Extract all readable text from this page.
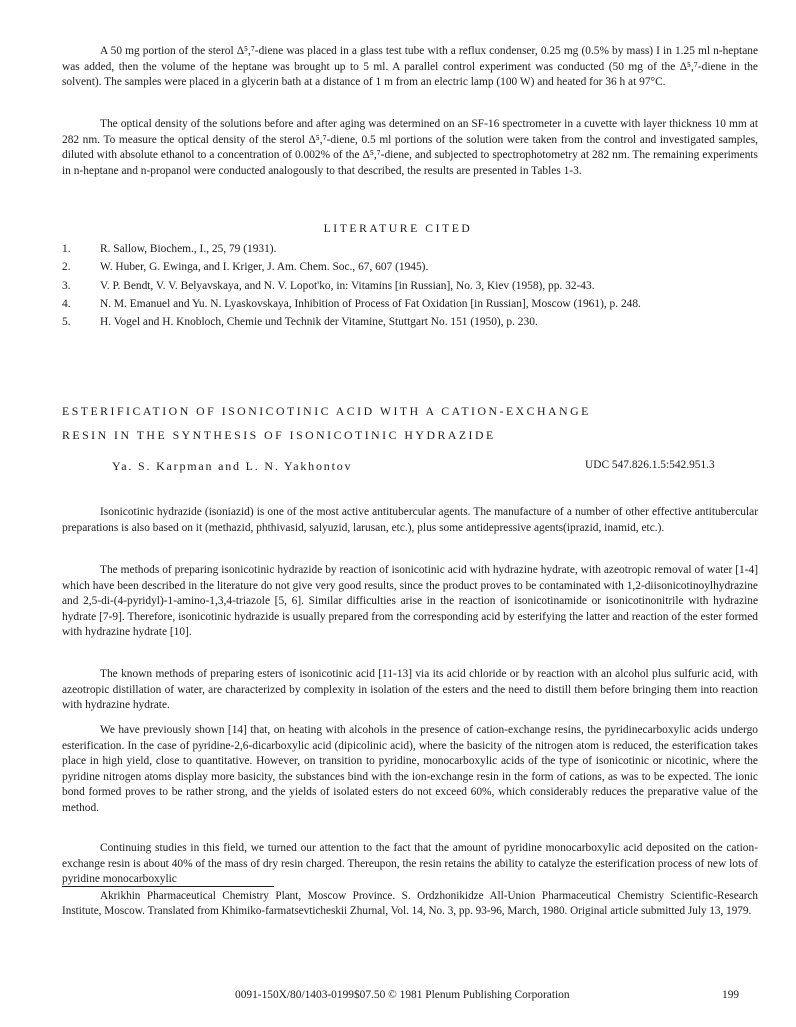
A 50 mg portion of the sterol Δ⁵,⁷-diene was placed in a glass test tube with a reflux condenser, 0.25 mg (0.5% by mass) I in 1.25 ml n-heptane was added, then the volume of the heptane was brought up to 5 ml. A parallel control experiment was conducted (50 mg of the Δ⁵,⁷-diene in the solvent). The samples were placed in a glycerin bath at a distance of 1 m from an electric lamp (100 W) and heated for 36 h at 97°C.

The optical density of the solutions before and after aging was determined on an SF-16 spectrometer in a cuvette with layer thickness 10 mm at 282 nm. To measure the optical density of the sterol Δ⁵,⁷-diene, 0.5 ml portions of the solution were taken from the control and investigated samples, diluted with absolute ethanol to a concentration of 0.002% of the Δ⁵,⁷-diene, and subjected to spectrophotometry at 282 nm. The remaining experiments in n-heptane and n-propanol were conducted analogously to that described, the results are presented in Tables 1-3.

LITERATURE CITED

1.	R. Sallow, Biochem., I., 25, 79 (1931).
2.	W. Huber, G. Ewinga, and I. Kriger, J. Am. Chem. Soc., 67, 607 (1945).
3.	V. P. Bendt, V. V. Belyavskaya, and N. V. Lopot'ko, in: Vitamins [in Russian], No. 3, Kiev (1958), pp. 32-43.
4.	N. M. Emanuel and Yu. N. Lyaskovskaya, Inhibition of Process of Fat Oxidation [in Russian], Moscow (1961), p. 248.
5.	H. Vogel and H. Knobloch, Chemie und Technik der Vitamine, Stuttgart No. 151 (1950), p. 230.

ESTERIFICATION OF ISONICOTINIC ACID WITH A CATION-EXCHANGE

RESIN IN THE SYNTHESIS OF ISONICOTINIC HYDRAZIDE

Ya. S. Karpman and L. N. Yakhontov	UDC 547.826.1.5:542.951.3

Isonicotinic hydrazide (isoniazid) is one of the most active antitubercular agents. The manufacture of a number of other effective antitubercular preparations is also based on it (methazid, phthivasid, salyuzid, larusan, etc.), plus some antidepressive agents(iprazid, inamid, etc.).

The methods of preparing isonicotinic hydrazide by reaction of isonicotinic acid with hydrazine hydrate, with azeotropic removal of water [1-4] which have been described in the literature do not give very good results, since the product proves to be contaminated with 1,2-diisonicotinoylhydrazine and 2,5-di-(4-pyridyl)-1-amino-1,3,4-triazole [5, 6]. Similar difficulties arise in the reaction of isonicotinamide or isonicotinonitrile with hydrazine hydrate [7-9]. Therefore, isonicotinic hydrazide is usually prepared from the corresponding acid by esterifying the latter and reaction of the ester formed with hydrazine hydrate [10].

The known methods of preparing esters of isonicotinic acid [11-13] via its acid chloride or by reaction with an alcohol plus sulfuric acid, with azeotropic distillation of water, are characterized by complexity in isolation of the esters and the need to distill them before bringing them into reaction with hydrazine hydrate.

We have previously shown [14] that, on heating with alcohols in the presence of cation-exchange resins, the pyridinecarboxylic acids undergo esterification. In the case of pyridine-2,6-dicarboxylic acid (dipicolinic acid), where the basicity of the nitrogen atom is reduced, the esterification takes place in high yield, close to quantitative. However, on transition to pyridine, monocarboxylic acids of the type of isonicotinic or nicotinic, where the pyridine nitrogen atoms display more basicity, the substances bind with the ion-exchange resin in the form of cations, as was to be expected. The ionic bond formed proves to be rather strong, and the yields of isolated esters do not exceed 60%, which considerably reduces the preparative value of the method.

Continuing studies in this field, we turned our attention to the fact that the amount of pyridine monocarboxylic acid deposited on the cation-exchange resin is about 40% of the mass of dry resin charged. Thereupon, the resin retains the ability to catalyze the esterification process of new lots of pyridine monocarboxylic

Akrikhin Pharmaceutical Chemistry Plant, Moscow Province. S. Ordzhonikidze All-Union Pharmaceutical Chemistry Scientific-Research Institute, Moscow. Translated from Khimiko-farmatsevticheskii Zhurnal, Vol. 14, No. 3, pp. 93-96, March, 1980. Original article submitted July 13, 1979.

0091-150X/80/1403-0199$07.50 © 1981 Plenum Publishing Corporation	199
